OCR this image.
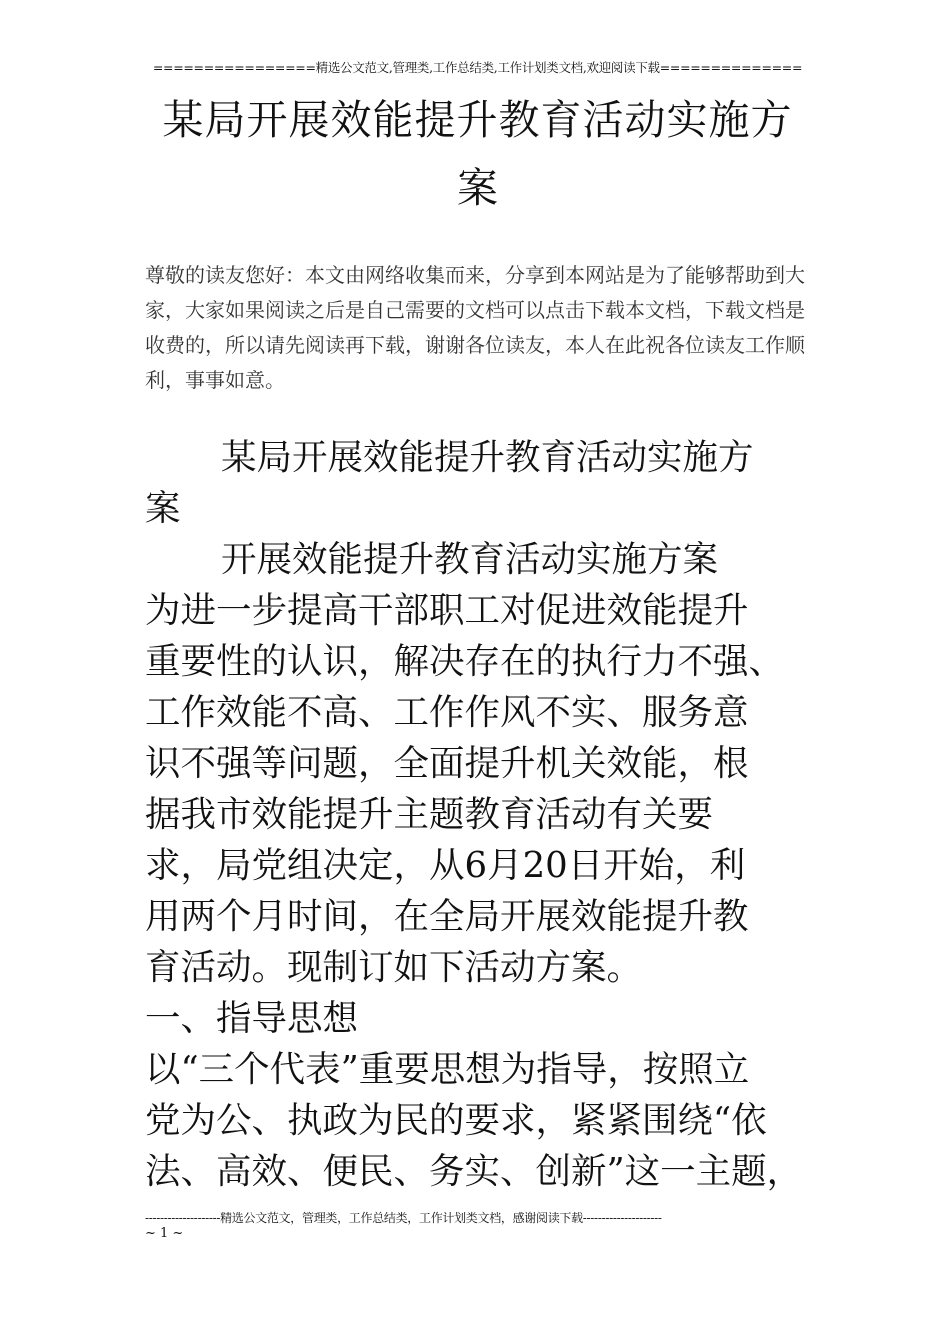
================精选公文范文,管理类,工作总结类,工作计划类文档,欢迎阅读下载==============
某局开展效能提升教育活动实施方
案
尊敬的读友您好：本文由网络收集而来，分享到本网站是为了能够帮助到大家，大家如果阅读之后是自己需要的文档可以点击下载本文档，下载文档是收费的，所以请先阅读再下载，谢谢各位读友，本人在此祝各位读友工作顺利，事事如意。
某局开展效能提升教育活动实施方
案
开展效能提升教育活动实施方案
为进一步提高干部职工对促进效能提升
重要性的认识，解决存在的执行力不强、
工作效能不高、工作作风不实、服务意
识不强等问题，全面提升机关效能，根
据我市效能提升主题教育活动有关要
求，局党组决定，从6月20日开始，利
用两个月时间，在全局开展效能提升教
育活动。现制订如下活动方案。
一、指导思想
以“三个代表”重要思想为指导，按照立
党为公、执政为民的要求，紧紧围绕“依
法、高效、便民、务实、创新”这一主题，
--------------------精选公文范文，管理类，工作总结类，工作计划类文档，感谢阅读下载---------------------
~ 1 ~
